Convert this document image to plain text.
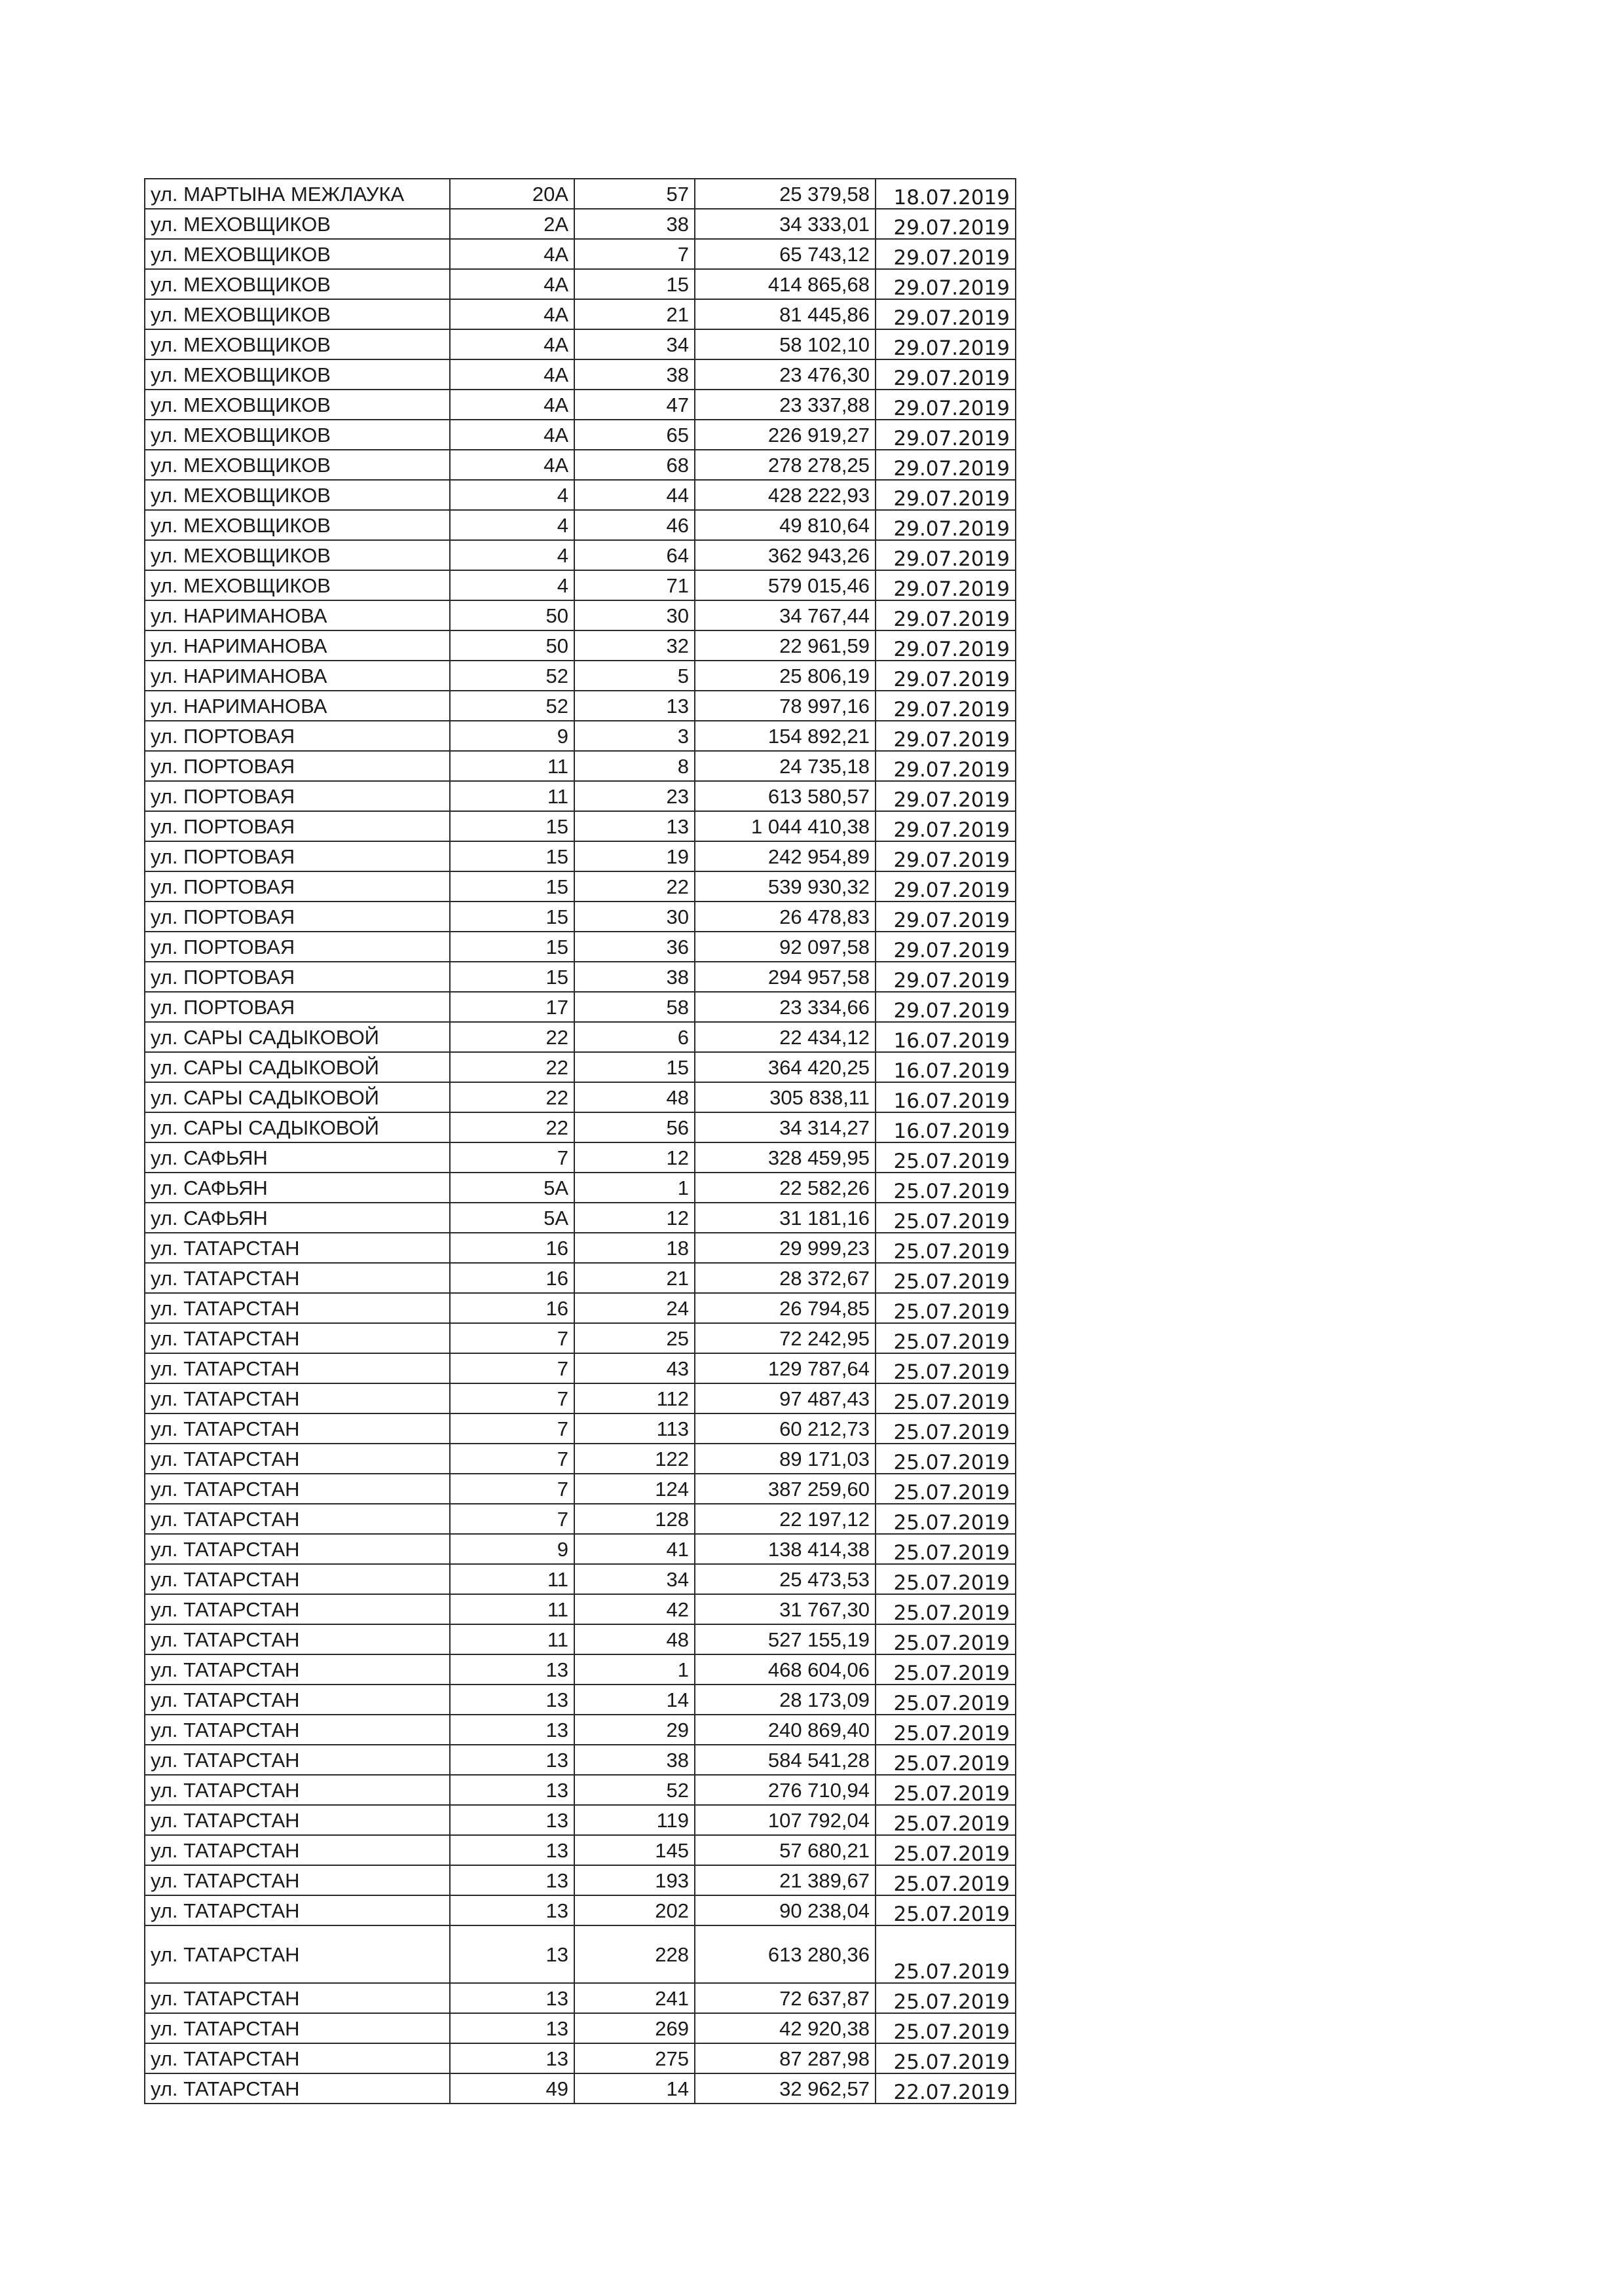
ул. МАРТЫНА МЕЖЛАУКА	20А	57	25 379,58	18.07.2019
ул. МЕХОВЩИКОВ	2А	38	34 333,01	29.07.2019
ул. МЕХОВЩИКОВ	4А	7	65 743,12	29.07.2019
ул. МЕХОВЩИКОВ	4А	15	414 865,68	29.07.2019
ул. МЕХОВЩИКОВ	4А	21	81 445,86	29.07.2019
ул. МЕХОВЩИКОВ	4А	34	58 102,10	29.07.2019
ул. МЕХОВЩИКОВ	4А	38	23 476,30	29.07.2019
ул. МЕХОВЩИКОВ	4А	47	23 337,88	29.07.2019
ул. МЕХОВЩИКОВ	4А	65	226 919,27	29.07.2019
ул. МЕХОВЩИКОВ	4А	68	278 278,25	29.07.2019
ул. МЕХОВЩИКОВ	4	44	428 222,93	29.07.2019
ул. МЕХОВЩИКОВ	4	46	49 810,64	29.07.2019
ул. МЕХОВЩИКОВ	4	64	362 943,26	29.07.2019
ул. МЕХОВЩИКОВ	4	71	579 015,46	29.07.2019
ул. НАРИМАНОВА	50	30	34 767,44	29.07.2019
ул. НАРИМАНОВА	50	32	22 961,59	29.07.2019
ул. НАРИМАНОВА	52	5	25 806,19	29.07.2019
ул. НАРИМАНОВА	52	13	78 997,16	29.07.2019
ул. ПОРТОВАЯ	9	3	154 892,21	29.07.2019
ул. ПОРТОВАЯ	11	8	24 735,18	29.07.2019
ул. ПОРТОВАЯ	11	23	613 580,57	29.07.2019
ул. ПОРТОВАЯ	15	13	1 044 410,38	29.07.2019
ул. ПОРТОВАЯ	15	19	242 954,89	29.07.2019
ул. ПОРТОВАЯ	15	22	539 930,32	29.07.2019
ул. ПОРТОВАЯ	15	30	26 478,83	29.07.2019
ул. ПОРТОВАЯ	15	36	92 097,58	29.07.2019
ул. ПОРТОВАЯ	15	38	294 957,58	29.07.2019
ул. ПОРТОВАЯ	17	58	23 334,66	29.07.2019
ул. САРЫ САДЫКОВОЙ	22	6	22 434,12	16.07.2019
ул. САРЫ САДЫКОВОЙ	22	15	364 420,25	16.07.2019
ул. САРЫ САДЫКОВОЙ	22	48	305 838,11	16.07.2019
ул. САРЫ САДЫКОВОЙ	22	56	34 314,27	16.07.2019
ул. САФЬЯН	7	12	328 459,95	25.07.2019
ул. САФЬЯН	5А	1	22 582,26	25.07.2019
ул. САФЬЯН	5А	12	31 181,16	25.07.2019
ул. ТАТАРСТАН	16	18	29 999,23	25.07.2019
ул. ТАТАРСТАН	16	21	28 372,67	25.07.2019
ул. ТАТАРСТАН	16	24	26 794,85	25.07.2019
ул. ТАТАРСТАН	7	25	72 242,95	25.07.2019
ул. ТАТАРСТАН	7	43	129 787,64	25.07.2019
ул. ТАТАРСТАН	7	112	97 487,43	25.07.2019
ул. ТАТАРСТАН	7	113	60 212,73	25.07.2019
ул. ТАТАРСТАН	7	122	89 171,03	25.07.2019
ул. ТАТАРСТАН	7	124	387 259,60	25.07.2019
ул. ТАТАРСТАН	7	128	22 197,12	25.07.2019
ул. ТАТАРСТАН	9	41	138 414,38	25.07.2019
ул. ТАТАРСТАН	11	34	25 473,53	25.07.2019
ул. ТАТАРСТАН	11	42	31 767,30	25.07.2019
ул. ТАТАРСТАН	11	48	527 155,19	25.07.2019
ул. ТАТАРСТАН	13	1	468 604,06	25.07.2019
ул. ТАТАРСТАН	13	14	28 173,09	25.07.2019
ул. ТАТАРСТАН	13	29	240 869,40	25.07.2019
ул. ТАТАРСТАН	13	38	584 541,28	25.07.2019
ул. ТАТАРСТАН	13	52	276 710,94	25.07.2019
ул. ТАТАРСТАН	13	119	107 792,04	25.07.2019
ул. ТАТАРСТАН	13	145	57 680,21	25.07.2019
ул. ТАТАРСТАН	13	193	21 389,67	25.07.2019
ул. ТАТАРСТАН	13	202	90 238,04	25.07.2019
ул. ТАТАРСТАН	13	228	613 280,36	25.07.2019
ул. ТАТАРСТАН	13	241	72 637,87	25.07.2019
ул. ТАТАРСТАН	13	269	42 920,38	25.07.2019
ул. ТАТАРСТАН	13	275	87 287,98	25.07.2019
ул. ТАТАРСТАН	49	14	32 962,57	22.07.2019
